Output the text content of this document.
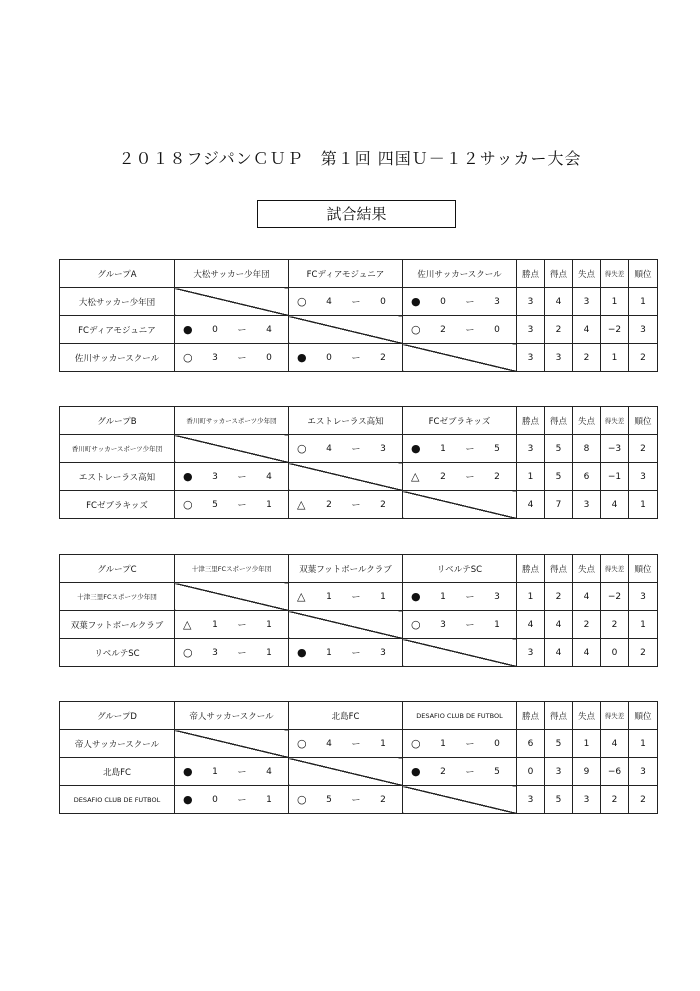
２０１８フジパンＣＵＰ　第１回 四国Ｕ－１２サッカー大会
試合結果
グループA	大松サッカー少年団	FCディアモジュニア	佐川サッカースクール	勝点	得点	失点	得失差	順位
大松サッカー少年団		○ 4 ー 0	● 0 ー 3	3	4	3	1	1
FCディアモジュニア	● 0 ー 4		○ 2 ー 0	3	2	4	−2	3
佐川サッカースクール	○ 3 ー 0	● 0 ー 2		3	3	2	1	2
グループB	香川町サッカースポーツ少年団	エストレーラス高知	FCゼブラキッズ	勝点	得点	失点	得失差	順位
香川町サッカースポーツ少年団		○ 4 ー 3	● 1 ー 5	3	5	8	−3	2
エストレーラス高知	● 3 ー 4		△ 2 ー 2	1	5	6	−1	3
FCゼブラキッズ	○ 5 ー 1	△ 2 ー 2		4	7	3	4	1
グループC	十津三里FCスポーツ少年団	双葉フットボールクラブ	リベルテSC	勝点	得点	失点	得失差	順位
十津三里FCスポーツ少年団		△ 1 ー 1	● 1 ー 3	1	2	4	−2	3
双葉フットボールクラブ	△ 1 ー 1		○ 3 ー 1	4	4	2	2	1
リベルテSC	○ 3 ー 1	● 1 ー 3		3	4	4	0	2
グループD	帝人サッカースクール	北島FC	DESAFIO CLUB DE FUTBOL	勝点	得点	失点	得失差	順位
帝人サッカースクール		○ 4 ー 1	○ 1 ー 0	6	5	1	4	1
北島FC	● 1 ー 4		● 2 ー 5	0	3	9	−6	3
DESAFIO CLUB DE FUTBOL	● 0 ー 1	○ 5 ー 2		3	5	3	2	2
